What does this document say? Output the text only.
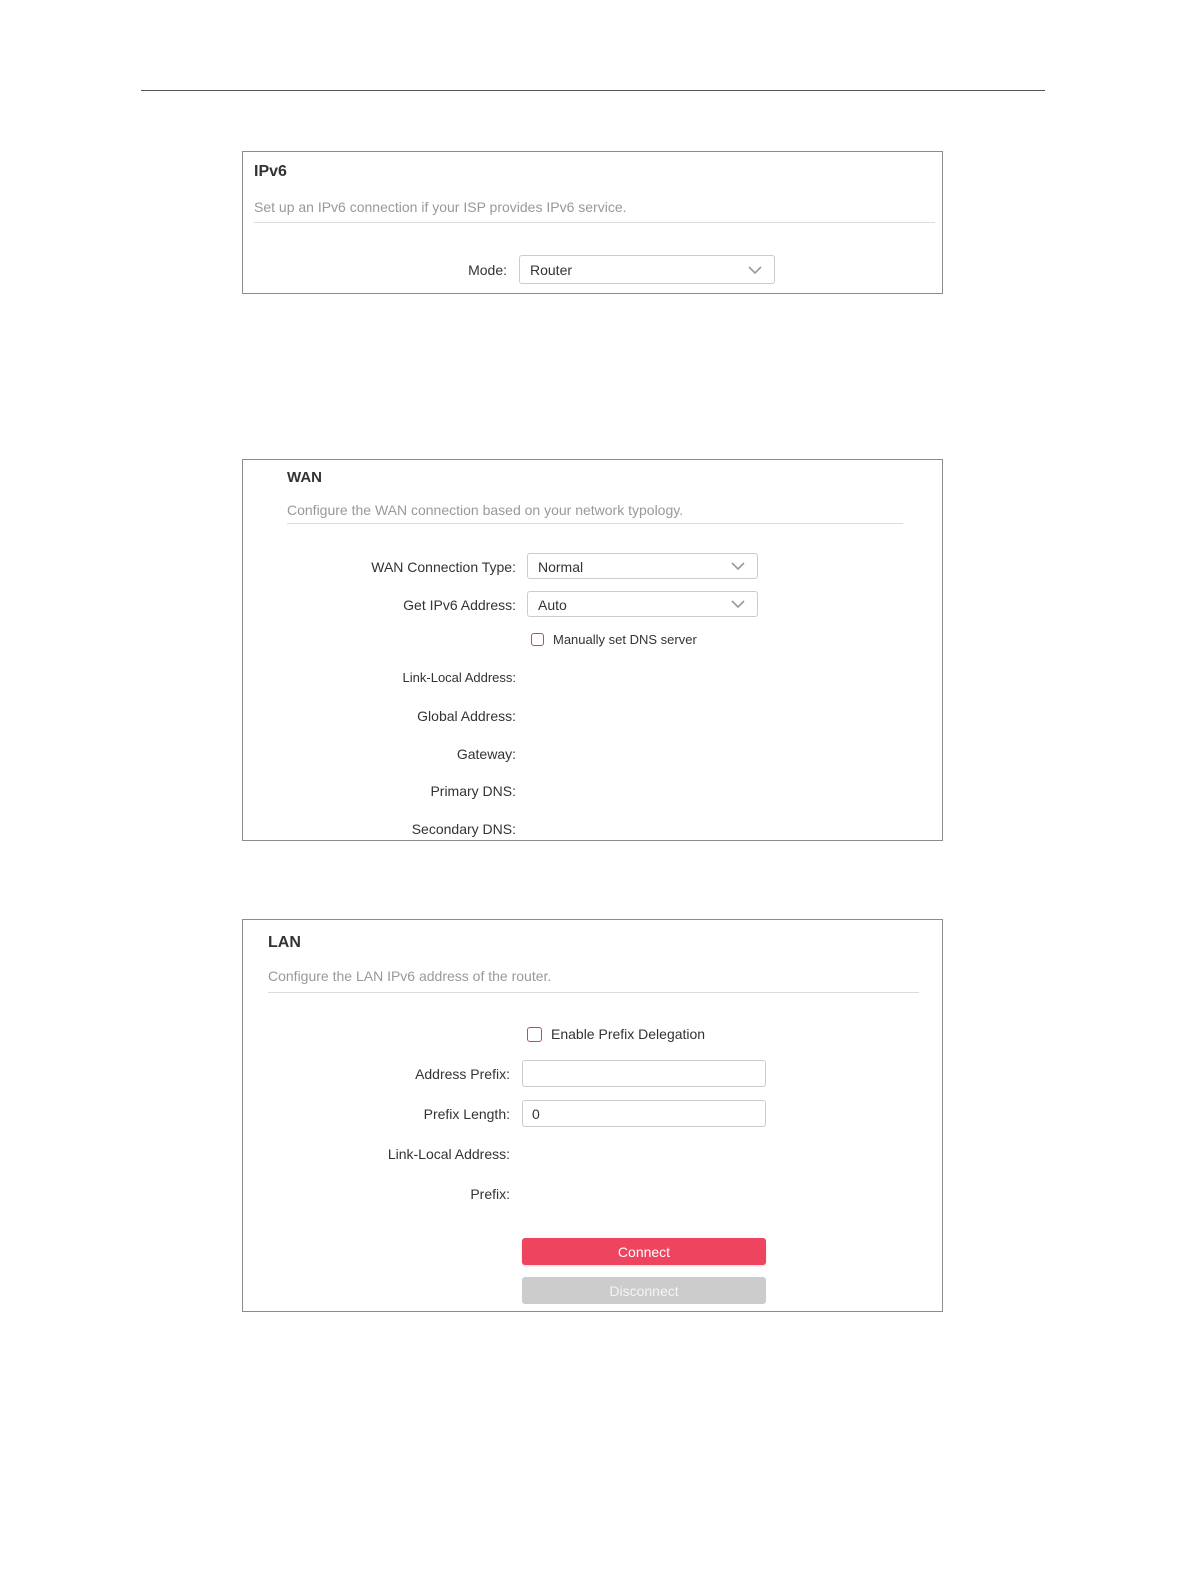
IPv6

Set up an IPv6 connection if your ISP provides IPv6 service.

Mode: Router
WAN

Configure the WAN connection based on your network typology.

WAN Connection Type: Normal
Get IPv6 Address: Auto
Manually set DNS server
Link-Local Address:
Global Address:
Gateway:
Primary DNS:
Secondary DNS:
LAN

Configure the LAN IPv6 address of the router.

Enable Prefix Delegation
Address Prefix:
Prefix Length:
0
Link-Local Address:
Prefix:
Connect
Disconnect
